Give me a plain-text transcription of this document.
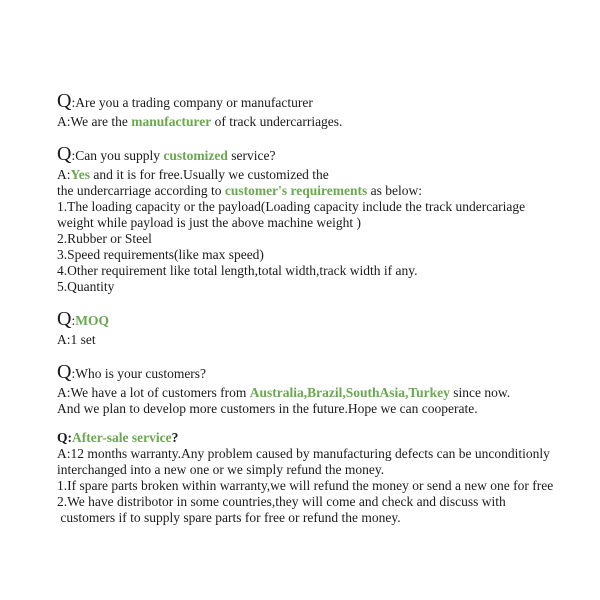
Q:Are you a trading company or manufacturer
A:We are the manufacturer of track undercarriages.
Q:Can you supply customized service?
A:Yes and it is for free.Usually we customized the
the undercarriage according to customer's requirements as below:
1.The loading capacity or the payload(Loading capacity include the track undercariage
weight while payload is just the above machine weight )
2.Rubber or Steel
3.Speed requirements(like max speed)
4.Other requirement like total length,total width,track width if any.
5.Quantity
Q:MOQ
A:1 set
Q:Who is your customers?
A:We have a lot of customers from Australia,Brazil,SouthAsia,Turkey since now.
And we plan to develop more customers in the future.Hope we can cooperate.
Q:After-sale service?
A:12 months warranty.Any problem caused by manufacturing defects can be unconditionly
interchanged into a new one or we simply refund the money.
1.If spare parts broken within warranty,we will refund the money or send a new one for free
2.We have distribotor in some countries,they will come and check and discuss with
customers if to supply spare parts for free or refund the money.
